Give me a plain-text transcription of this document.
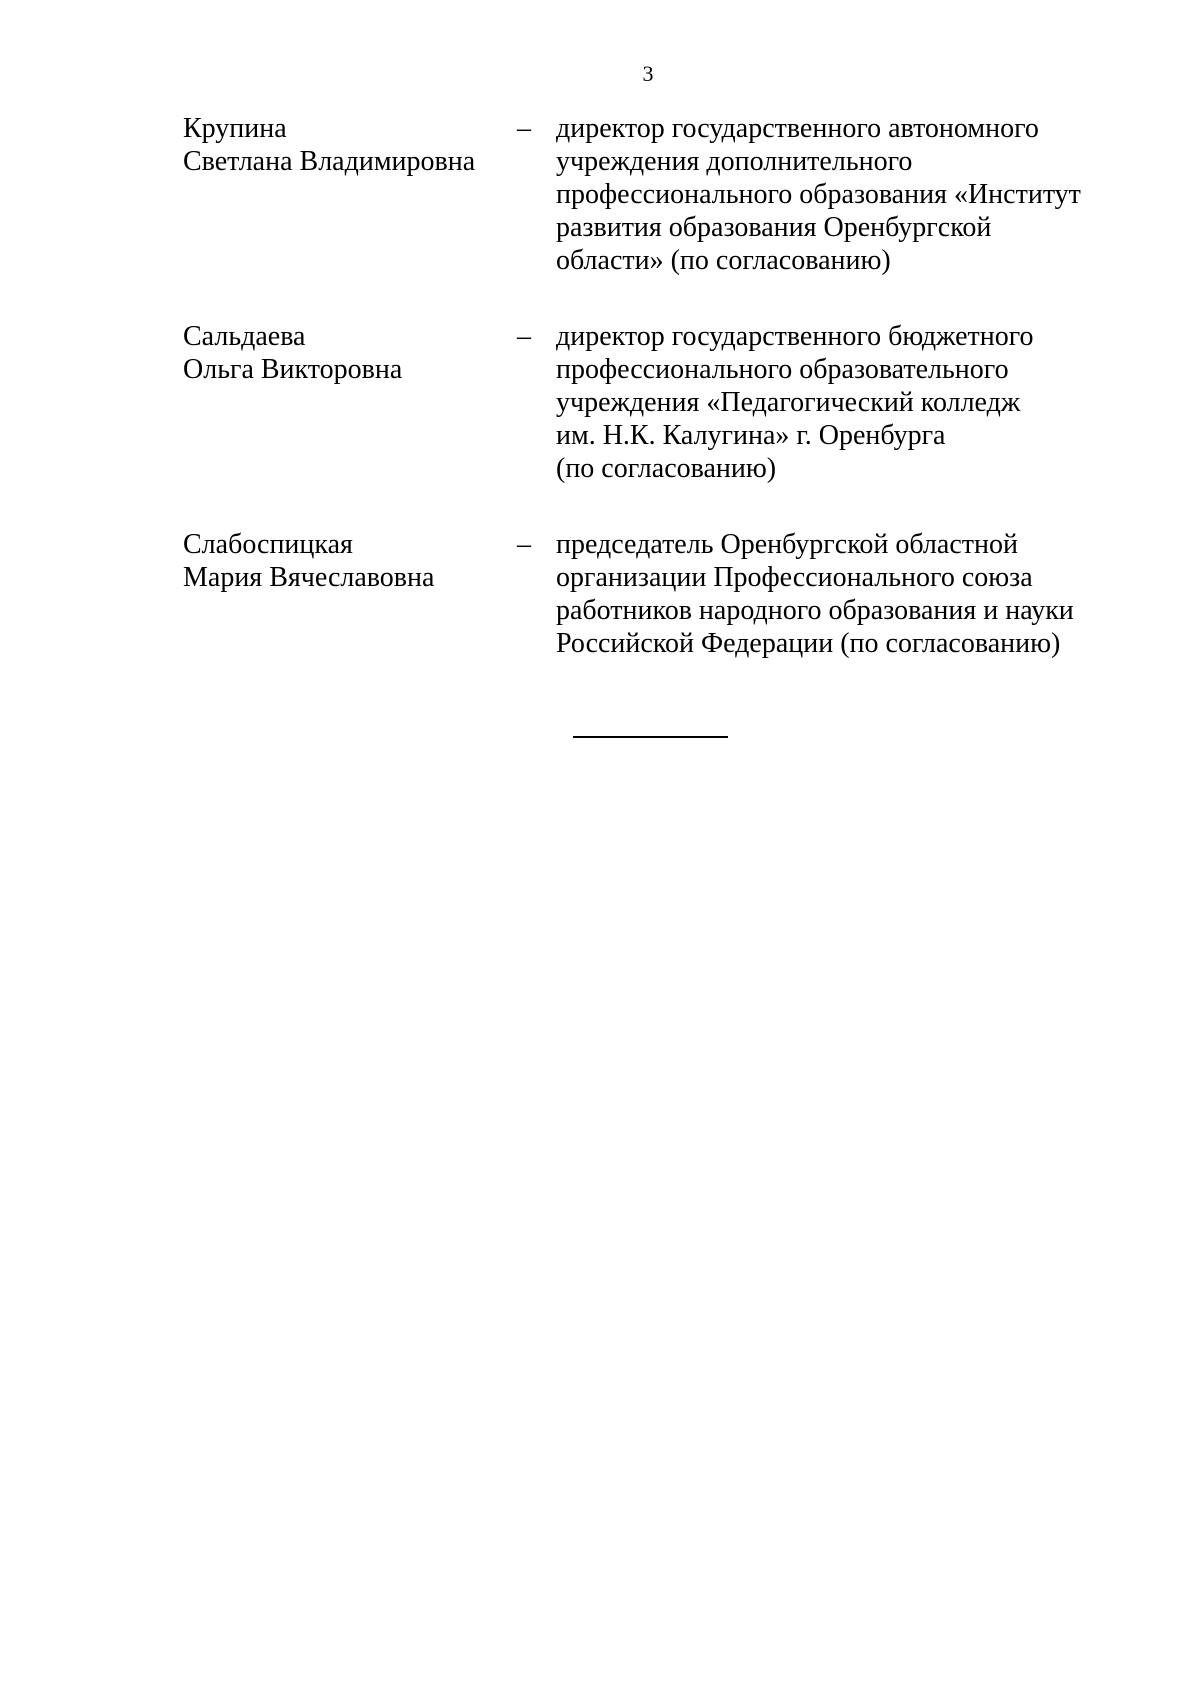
3
Крупина
Светлана Владимировна
– директор государственного автономного
учреждения дополнительного
профессионального образования «Институт
развития образования Оренбургской
области» (по согласованию)
Сальдаева
Ольга Викторовна
– директор государственного бюджетного
профессионального образовательного
учреждения «Педагогический колледж
им. Н.К. Калугина» г. Оренбурга
(по согласованию)
Слабоспицкая
Мария Вячеславовна
– председатель Оренбургской областной
организации Профессионального союза
работников народного образования и науки
Российской Федерации (по согласованию)
